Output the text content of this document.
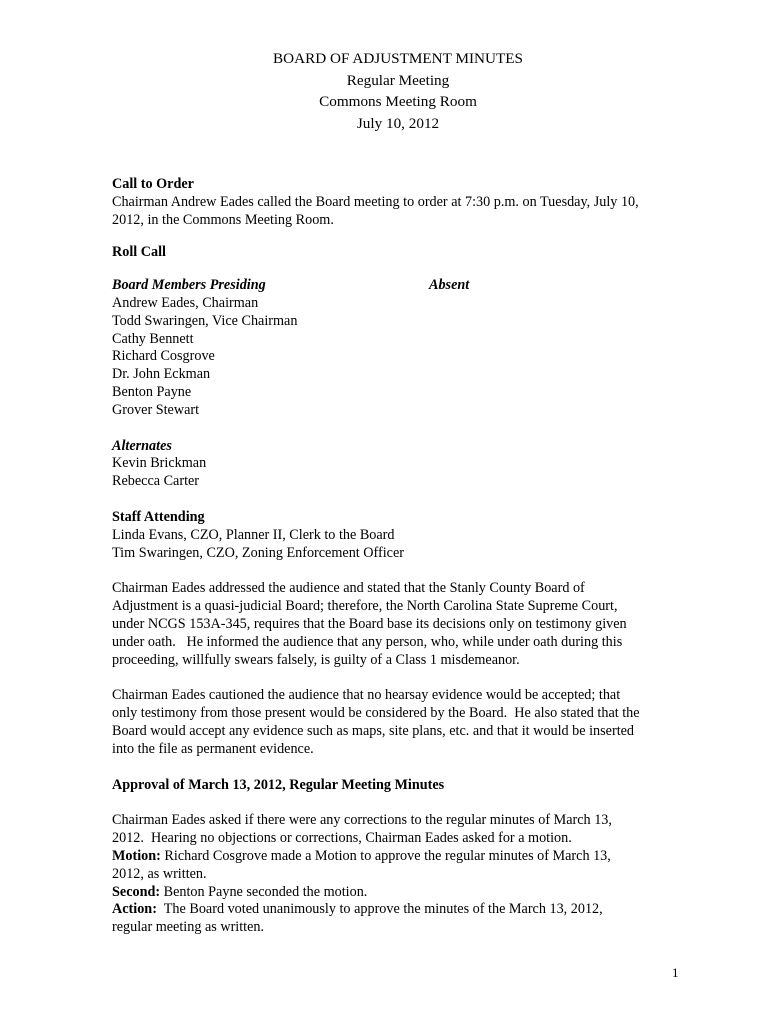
BOARD OF ADJUSTMENT MINUTES
Regular Meeting
Commons Meeting Room
July 10, 2012
Call to Order
Chairman Andrew Eades called the Board meeting to order at 7:30 p.m. on Tuesday, July 10,
2012, in the Commons Meeting Room.
Roll Call
Board Members Presiding	Absent
Andrew Eades, Chairman
Todd Swaringen, Vice Chairman
Cathy Bennett
Richard Cosgrove
Dr. John Eckman
Benton Payne
Grover Stewart
Alternates
Kevin Brickman
Rebecca Carter
Staff Attending
Linda Evans, CZO, Planner II, Clerk to the Board
Tim Swaringen, CZO, Zoning Enforcement Officer
Chairman Eades addressed the audience and stated that the Stanly County Board of
Adjustment is a quasi-judicial Board; therefore, the North Carolina State Supreme Court,
under NCGS 153A-345, requires that the Board base its decisions only on testimony given
under oath.   He informed the audience that any person, who, while under oath during this
proceeding, willfully swears falsely, is guilty of a Class 1 misdemeanor.
Chairman Eades cautioned the audience that no hearsay evidence would be accepted; that
only testimony from those present would be considered by the Board.  He also stated that the
Board would accept any evidence such as maps, site plans, etc. and that it would be inserted
into the file as permanent evidence.
Approval of March 13, 2012, Regular Meeting Minutes
Chairman Eades asked if there were any corrections to the regular minutes of March 13,
2012.  Hearing no objections or corrections, Chairman Eades asked for a motion.
Motion: Richard Cosgrove made a Motion to approve the regular minutes of March 13,
2012, as written.
Second: Benton Payne seconded the motion.
Action:  The Board voted unanimously to approve the minutes of the March 13, 2012,
regular meeting as written.
1
